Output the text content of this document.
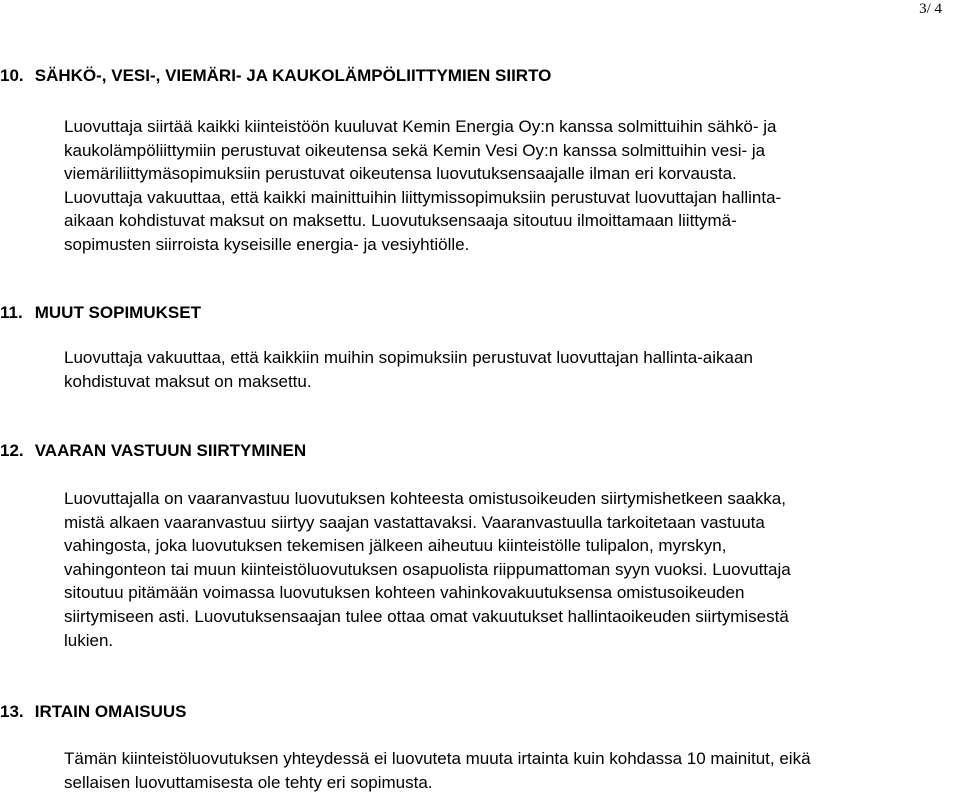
3/ 4
10. SÄHKÖ-, VESI-, VIEMÄRI- JA KAUKOLÄMPÖLIITTYMIEN SIIRTO

Luovuttaja siirtää kaikki kiinteistöön kuuluvat Kemin Energia Oy:n kanssa solmittuihin sähkö- ja
kaukolämpöliittymiin perustuvat oikeutensa sekä Kemin Vesi Oy:n kanssa solmittuihin vesi- ja
viemäriliittymäsopimuksiin perustuvat oikeutensa luovutuksensaajalle ilman eri korvausta.
Luovuttaja vakuuttaa, että kaikki mainittuihin liittymissopimuksiin perustuvat luovuttajan hallinta-
aikaan kohdistuvat maksut on maksettu. Luovutuksensaaja sitoutuu ilmoittamaan liittymä-
sopimusten siirroista kyseisille energia- ja vesiyhtiölle.

11. MUUT SOPIMUKSET

Luovuttaja vakuuttaa, että kaikkiin muihin sopimuksiin perustuvat luovuttajan hallinta-aikaan
kohdistuvat maksut on maksettu.

12. VAARAN VASTUUN SIIRTYMINEN

Luovuttajalla on vaaranvastuu luovutuksen kohteesta omistusoikeuden siirtymishetkeen saakka,
mistä alkaen vaaranvastuu siirtyy saajan vastattavaksi. Vaaranvastuulla tarkoitetaan vastuuta
vahingosta, joka luovutuksen tekemisen jälkeen aiheutuu kiinteistölle tulipalon, myrskyn,
vahingonteon tai muun kiinteistöluovutuksen osapuolista riippumattoman syyn vuoksi. Luovuttaja
sitoutuu pitämään voimassa luovutuksen kohteen vahinkovakuutuksensa omistusoikeuden
siirtymiseen asti. Luovutuksensaajan tulee ottaa omat vakuutukset hallintaoikeuden siirtymisestä
lukien.

13. IRTAIN OMAISUUS

Tämän kiinteistöluovutuksen yhteydessä ei luovuteta muuta irtainta kuin kohdassa 10 mainitut, eikä
sellaisen luovuttamisesta ole tehty eri sopimusta.
